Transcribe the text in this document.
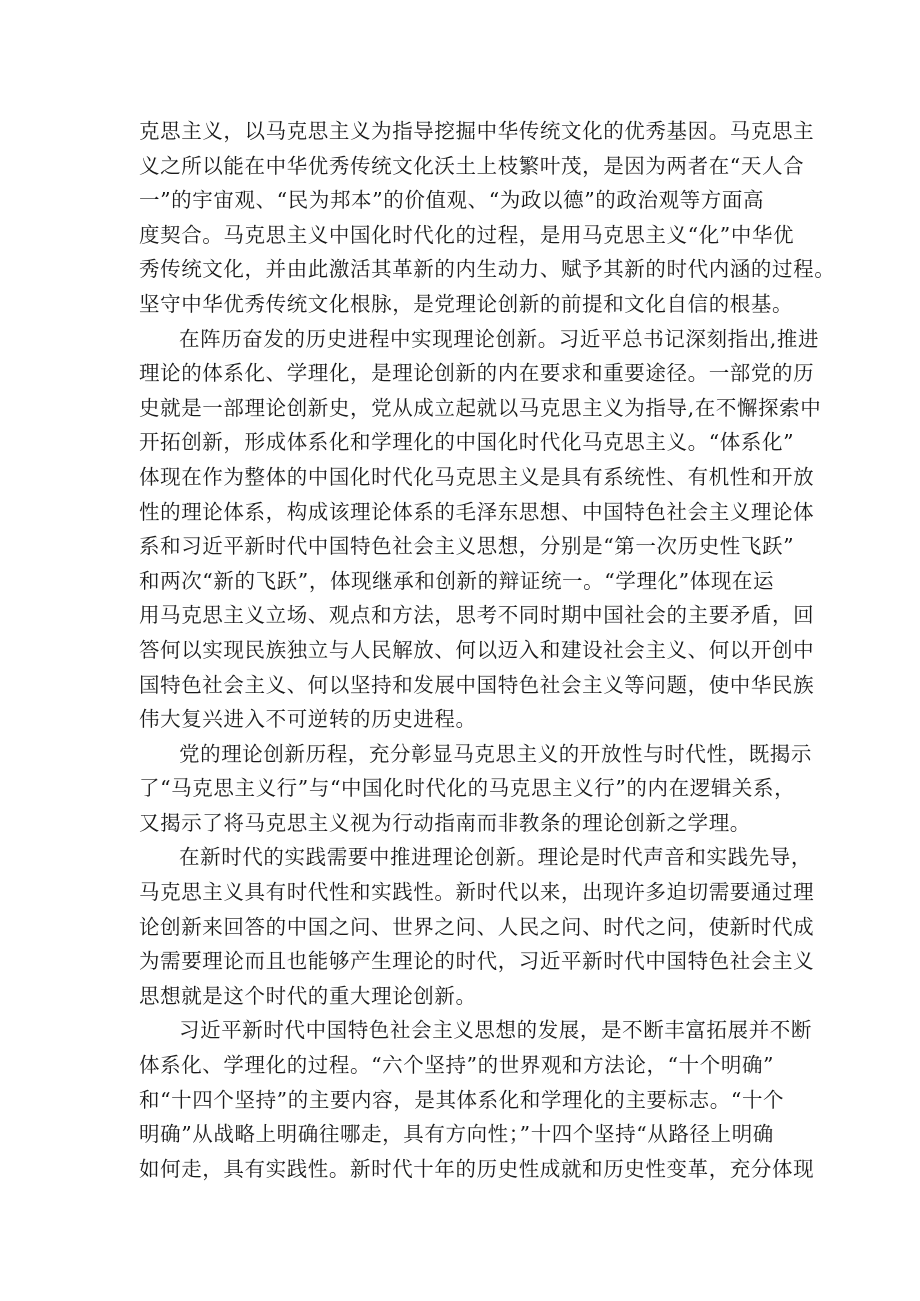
克思主义，以马克思主义为指导挖掘中华传统文化的优秀基因。马克思主
义之所以能在中华优秀传统文化沃土上枝繁叶茂，是因为两者在“天人合
一”的宇宙观、“民为邦本”的价值观、“为政以德”的政治观等方面高
度契合。马克思主义中国化时代化的过程，是用马克思主义“化”中华优
秀传统文化，并由此激活其革新的内生动力、赋予其新的时代内涵的过程。
坚守中华优秀传统文化根脉，是党理论创新的前提和文化自信的根基。
在阵历奋发的历史进程中实现理论创新。习近平总书记深刻指出,推进
理论的体系化、学理化，是理论创新的内在要求和重要途径。一部党的历
史就是一部理论创新史，党从成立起就以马克思主义为指导,在不懈探索中
开拓创新，形成体系化和学理化的中国化时代化马克思主义。“体系化”
体现在作为整体的中国化时代化马克思主义是具有系统性、有机性和开放
性的理论体系，构成该理论体系的毛泽东思想、中国特色社会主义理论体
系和习近平新时代中国特色社会主义思想，分别是“第一次历史性飞跃”
和两次“新的飞跃”，体现继承和创新的辩证统一。“学理化”体现在运
用马克思主义立场、观点和方法，思考不同时期中国社会的主要矛盾，回
答何以实现民族独立与人民解放、何以迈入和建设社会主义、何以开创中
国特色社会主义、何以坚持和发展中国特色社会主义等问题，使中华民族
伟大复兴进入不可逆转的历史进程。
党的理论创新历程，充分彰显马克思主义的开放性与时代性，既揭示
了“马克思主义行”与“中国化时代化的马克思主义行”的内在逻辑关系，
又揭示了将马克思主义视为行动指南而非教条的理论创新之学理。
在新时代的实践需要中推进理论创新。理论是时代声音和实践先导，
马克思主义具有时代性和实践性。新时代以来，出现许多迫切需要通过理
论创新来回答的中国之问、世界之问、人民之问、时代之问，使新时代成
为需要理论而且也能够产生理论的时代，习近平新时代中国特色社会主义
思想就是这个时代的重大理论创新。
习近平新时代中国特色社会主义思想的发展，是不断丰富拓展并不断
体系化、学理化的过程。“六个坚持”的世界观和方法论，“十个明确”
和“十四个坚持”的主要内容，是其体系化和学理化的主要标志。“十个
明确”从战略上明确往哪走，具有方向性；”十四个坚持“从路径上明确
如何走，具有实践性。新时代十年的历史性成就和历史性变革，充分体现
